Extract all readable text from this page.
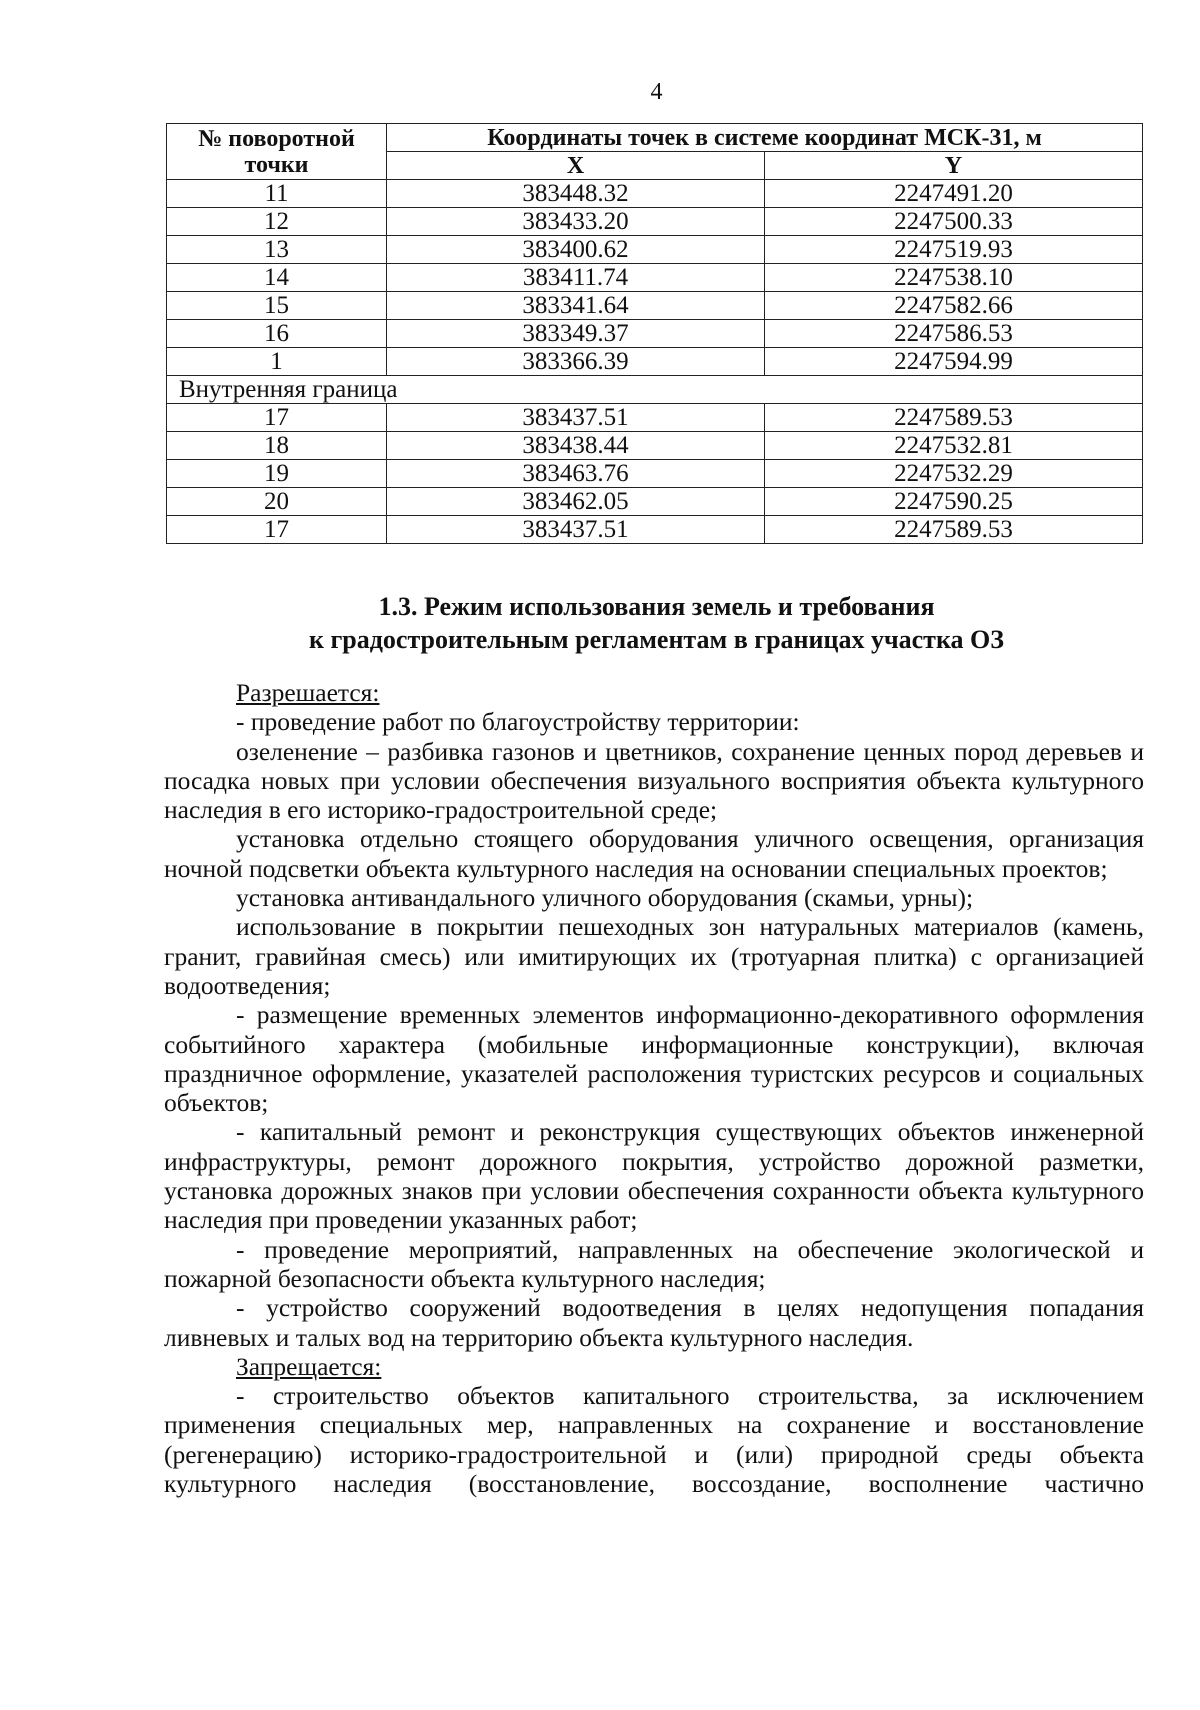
4
№ поворотной точки	Координаты точек в системе координат МСК-31, м	
	X	Y
11	383448.32	2247491.20
12	383433.20	2247500.33
13	383400.62	2247519.93
14	383411.74	2247538.10
15	383341.64	2247582.66
16	383349.37	2247586.53
1	383366.39	2247594.99
Внутренняя граница		
17	383437.51	2247589.53
18	383438.44	2247532.81
19	383463.76	2247532.29
20	383462.05	2247590.25
17	383437.51	2247589.53
1.3. Режим использования земель и требования
к градостроительным регламентам в границах участка ОЗ

Разрешается:

- проведение работ по благоустройству территории:

озеленение – разбивка газонов и цветников, сохранение ценных пород деревьев и посадка новых при условии обеспечения визуального восприятия объекта культурного наследия в его историко-градостроительной среде;

установка отдельно стоящего оборудования уличного освещения, организация ночной подсветки объекта культурного наследия на основании специальных проектов;

установка антивандального уличного оборудования (скамьи, урны);

использование в покрытии пешеходных зон натуральных материалов (камень, гранит, гравийная смесь) или имитирующих их (тротуарная плитка) с организацией водоотведения;

- размещение временных элементов информационно-декоративного оформления событийного характера (мобильные информационные конструкции), включая праздничное оформление, указателей расположения туристских ресурсов и социальных объектов;

- капитальный ремонт и реконструкция существующих объектов инженерной инфраструктуры, ремонт дорожного покрытия, устройство дорожной разметки, установка дорожных знаков при условии обеспечения сохранности объекта культурного наследия при проведении указанных работ;

- проведение мероприятий, направленных на обеспечение экологической и пожарной безопасности объекта культурного наследия;

- устройство сооружений водоотведения в целях недопущения попадания ливневых и талых вод на территорию объекта культурного наследия.

Запрещается:

- строительство объектов капитального строительства, за исключением применения специальных мер, направленных на сохранение и восстановление (регенерацию) историко-градостроительной и (или) природной среды объекта культурного наследия (восстановление, воссоздание, восполнение частично
